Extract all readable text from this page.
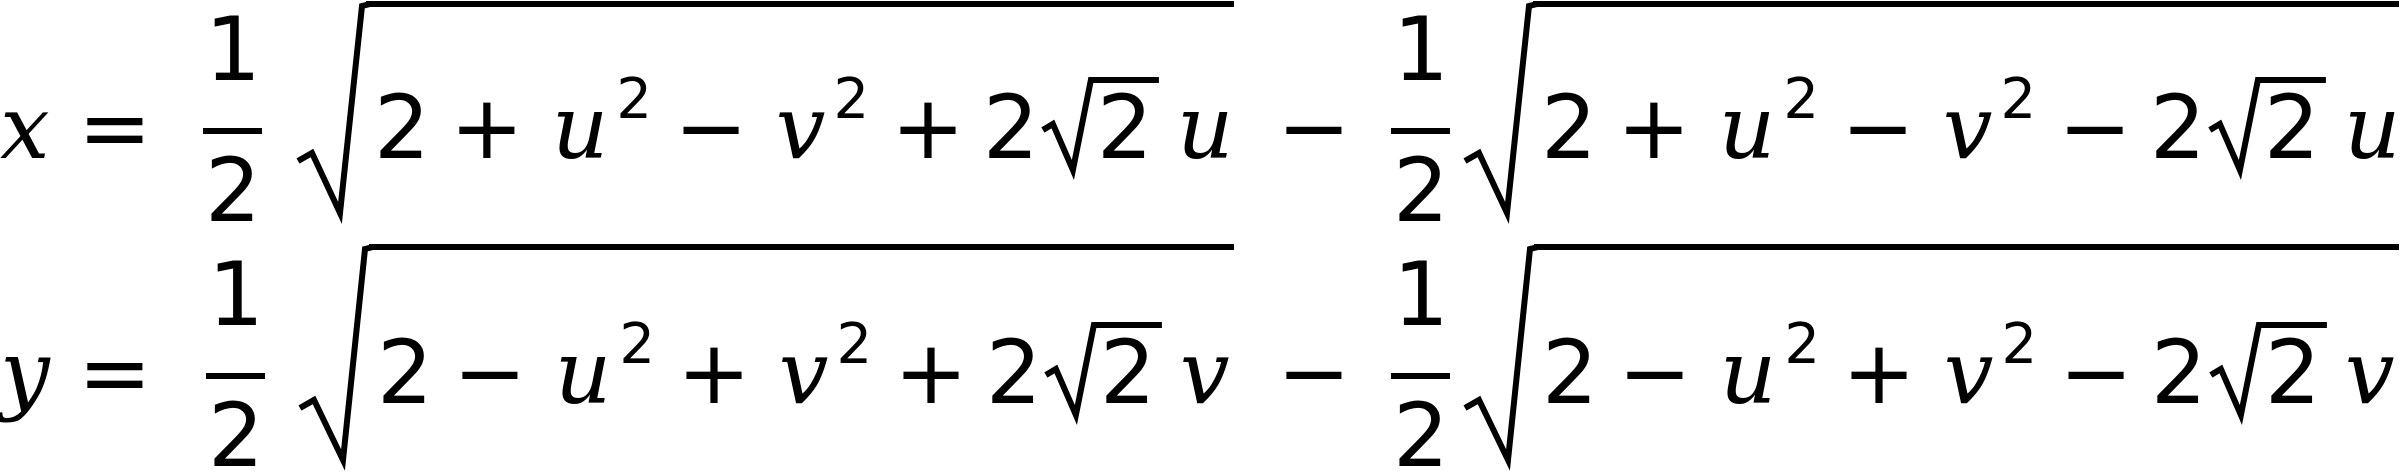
x =
1
2
2 + u 2 − v 2 + 2 2 u −
1
2
2 + u 2 − v 2 − 2 2 u
y =
1
2
2 − u 2 + v 2 + 2 2 v −
1
2
2 − u 2 + v 2 − 2 2 v
